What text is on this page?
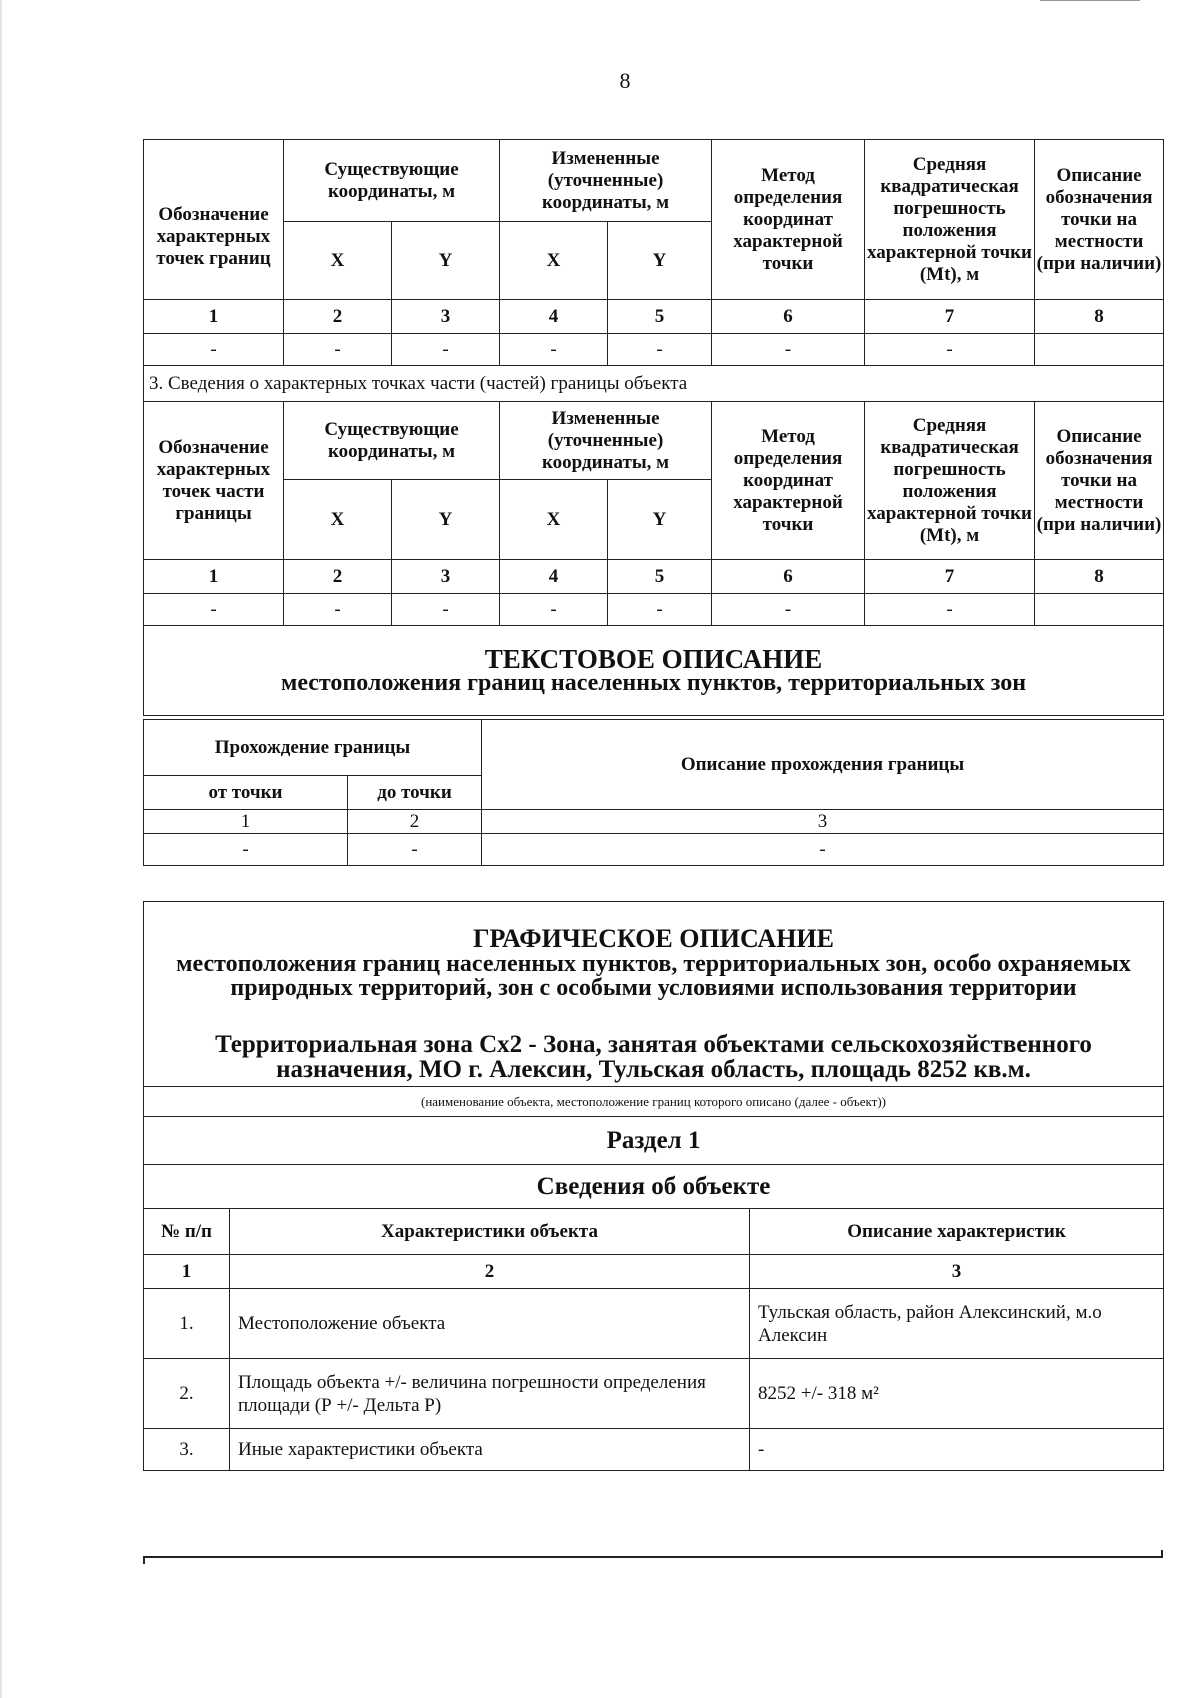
8
Обозначение характерных точек границ	Существующие координаты, м		Измененные (уточненные) координаты, м		Метод определения координат характерной точки	Средняя квадратическая погрешность положения характерной точки (Mt), м	Описание обозначения точки на местности (при наличии)
	X	Y	X	Y			
1	2	3	4	5	6	7	8
-	-	-	-	-	-	-	
3. Сведения о характерных точках части (частей) границы объекта							
Обозначение характерных точек части границы	Существующие координаты, м		Измененные (уточненные) координаты, м		Метод определения координат характерной точки	Средняя квадратическая погрешность положения характерной точки (Mt), м	Описание обозначения точки на местности (при наличии)
	X	Y	X	Y			
1	2	3	4	5	6	7	8
-	-	-	-	-	-	-	

ТЕКСТОВОЕ ОПИСАНИЕ
местоположения границ населенных пунктов, территориальных зон							
Прохождение границы		Описание прохождения границы
от точки	до точки	
1	2	3
-	-	-
ГРАФИЧЕСКОЕ ОПИСАНИЕ
местоположения границ населенных пунктов, территориальных зон, особо охраняемых природных территорий, зон с особыми условиями использования территории
Территориальная зона Сх2 - Зона, занятая объектами сельскохозяйственного назначения, МО г. Алексин, Тульская область, площадь 8252 кв.м.		

(наименование объекта, местоположение границ которого описано (далее - объект))		
Раздел 1		
Сведения об объекте		
№ п/п	Характеристики объекта	Описание характеристик
1	2	3
1.	Местоположение объекта	Тульская область, район Алексинский, м.о Алексин
2.	Площадь объекта +/- величина погрешности определения площади (Р +/- Дельта Р)	8252 +/- 318 м²
3.	Иные характеристики объекта	-
